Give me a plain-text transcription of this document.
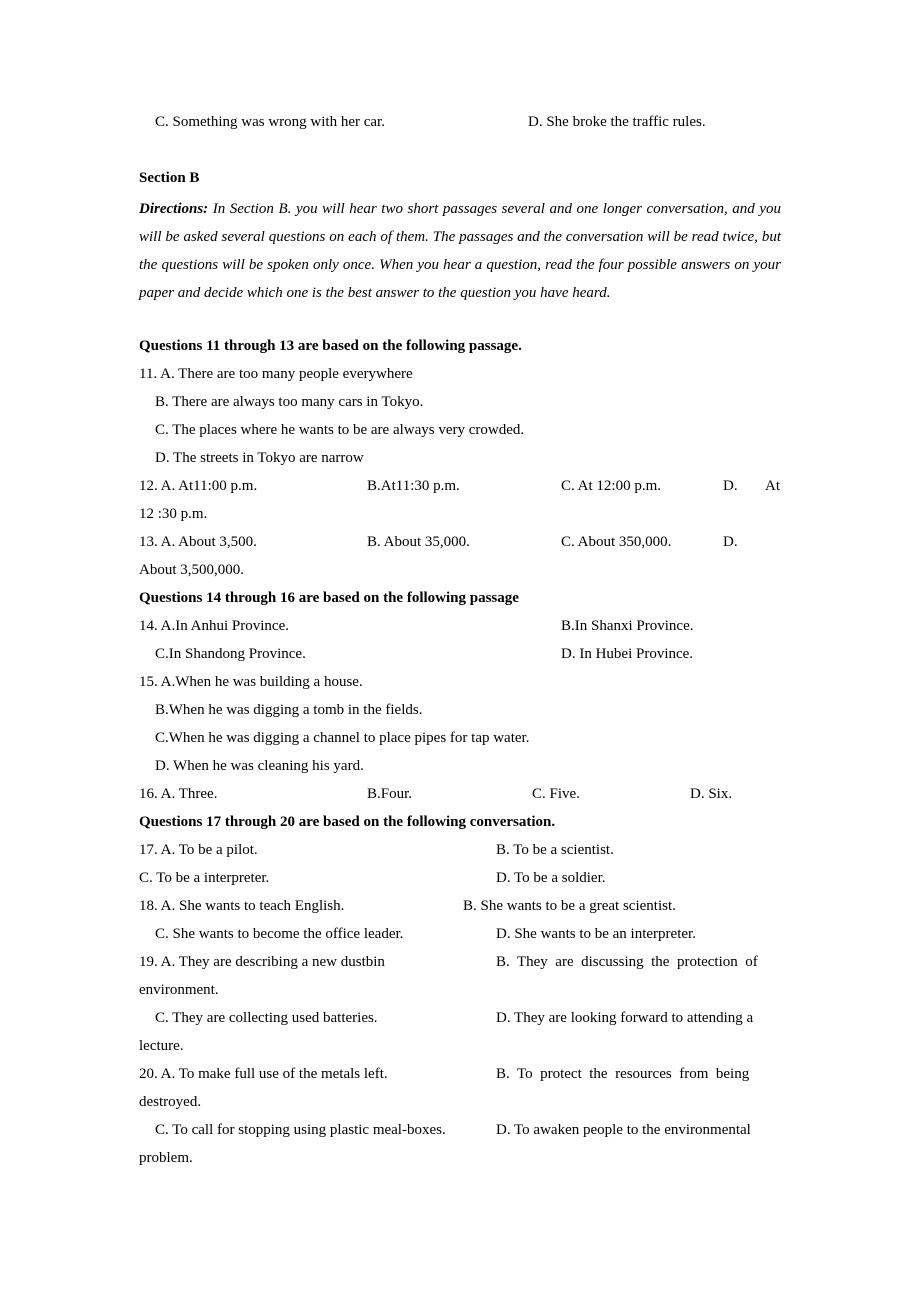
C. Something was wrong with her car.	D. She broke the traffic rules.
Section B
Directions: In Section B. you will hear two short passages several and one longer conversation, and you will be asked several questions on each of them. The passages and the conversation will be read twice, but the questions will be spoken only once. When you hear a question, read the four possible answers on your paper and decide which one is the best answer to the question you have heard.
Questions 11 through 13 are based on the following passage.
11. A. There are too many people everywhere
B. There are always too many cars in Tokyo.
C. The places where he wants to be are always very crowded.
D. The streets in Tokyo are narrow
12. A. At11:00 p.m.	B.At11:30 p.m.	C. At 12:00 p.m.	D. At
12 :30 p.m.
13. A. About 3,500.	B. About 35,000.	C. About 350,000.	D.
About 3,500,000.
Questions 14 through 16 are based on the following passage
14. A.In Anhui Province.	B.In Shanxi Province.
C.In Shandong Province.	D. In Hubei Province.
15. A.When he was building a house.
B.When he was digging a tomb in the fields.
C.When he was digging a channel to place pipes for tap water.
D. When he was cleaning his yard.
16. A. Three.	B.Four.	C. Five.	D. Six.
Questions 17 through 20 are based on the following conversation.
17. A. To be a pilot.	B. To be a scientist.
C. To be a interpreter.	D. To be a soldier.
18. A. She wants to teach English.	B. She wants to be a great scientist.
C. She wants to become the office leader.	D. She wants to be an interpreter.
19. A. They are describing a new dustbin	B.  They  are  discussing  the  protection  of
environment.
C. They are collecting used batteries.	D. They are looking forward to attending a
lecture.
20. A. To make full use of the metals left.	B.  To  protect  the  resources  from  being
destroyed.
C. To call for stopping using plastic meal-boxes.	D. To awaken people to the environmental
problem.
